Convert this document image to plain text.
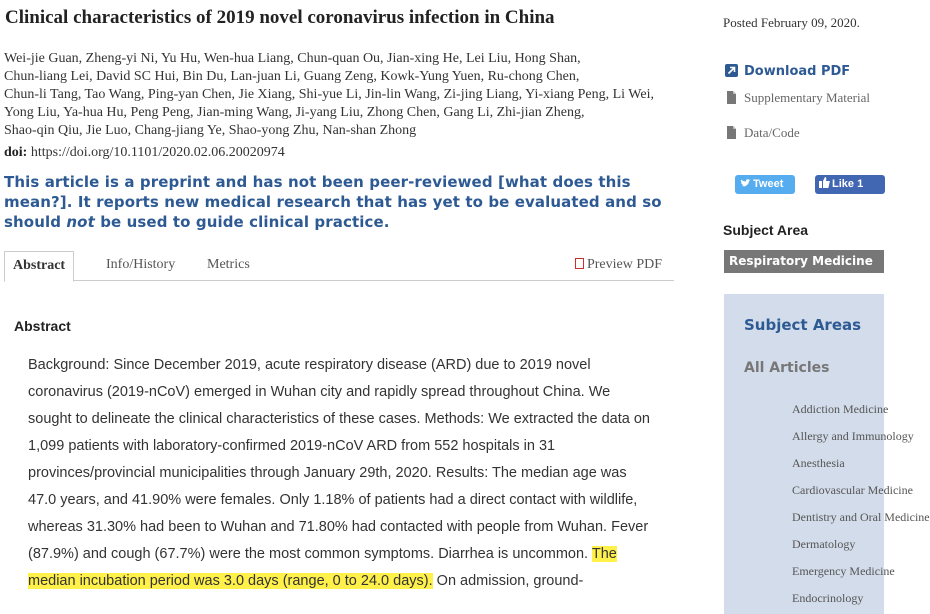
Clinical characteristics of 2019 novel coronavirus infection in China
Wei-jie Guan, Zheng-yi Ni, Yu Hu, Wen-hua Liang, Chun-quan Ou, Jian-xing He, Lei Liu, Hong Shan,
Chun-liang Lei, David SC Hui, Bin Du, Lan-juan Li, Guang Zeng, Kowk-Yung Yuen, Ru-chong Chen,
Chun-li Tang, Tao Wang, Ping-yan Chen, Jie Xiang, Shi-yue Li, Jin-lin Wang, Zi-jing Liang, Yi-xiang Peng, Li Wei,
Yong Liu, Ya-hua Hu, Peng Peng, Jian-ming Wang, Ji-yang Liu, Zhong Chen, Gang Li, Zhi-jian Zheng,
Shao-qin Qiu, Jie Luo, Chang-jiang Ye, Shao-yong Zhu, Nan-shan Zhong
doi: https://doi.org/10.1101/2020.02.06.20020974
This article is a preprint and has not been peer-reviewed [what does this mean?]. It reports new medical research that has yet to be evaluated and so should not be used to guide clinical practice.
Abstract	Info/History	Metrics	Preview PDF
Abstract

Background: Since December 2019, acute respiratory disease (ARD) due to 2019 novel coronavirus (2019-nCoV) emerged in Wuhan city and rapidly spread throughout China. We sought to delineate the clinical characteristics of these cases. Methods: We extracted the data on 1,099 patients with laboratory-confirmed 2019-nCoV ARD from 552 hospitals in 31 provinces/provincial municipalities through January 29th, 2020. Results: The median age was 47.0 years, and 41.90% were females. Only 1.18% of patients had a direct contact with wildlife, whereas 31.30% had been to Wuhan and 71.80% had contacted with people from Wuhan. Fever (87.9%) and cough (67.7%) were the most common symptoms. Diarrhea is uncommon. The median incubation period was 3.0 days (range, 0 to 24.0 days). On admission, ground-

Posted February 09, 2020.
Download PDF
Supplementary Material
Data/Code
Tweet	Like 1
Subject Area
Respiratory Medicine
Subject Areas
All Articles
Addiction Medicine
Allergy and Immunology
Anesthesia
Cardiovascular Medicine
Dentistry and Oral Medicine
Dermatology
Emergency Medicine
Endocrinology
